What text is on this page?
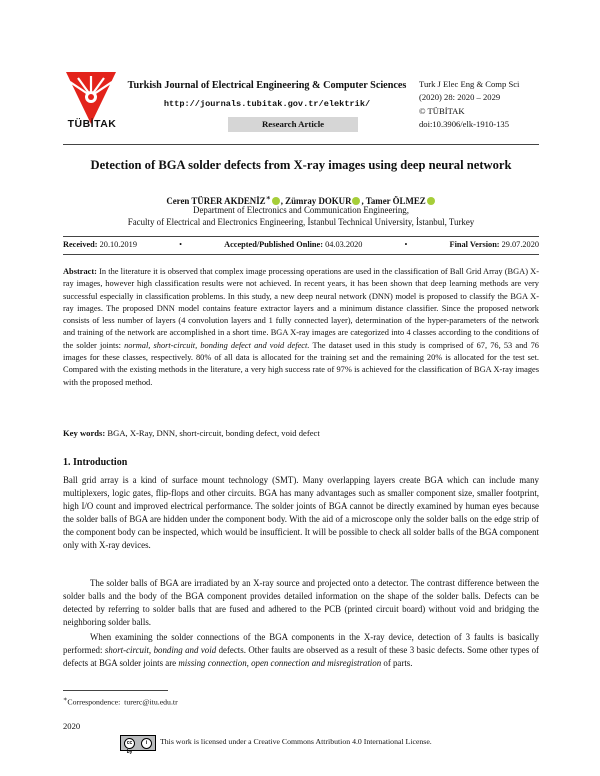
TÜBİTAK
Turkish Journal of Electrical Engineering & Computer Sciences
http://journals.tubitak.gov.tr/elektrik/
Research Article
Turk J Elec Eng & Comp Sci
(2020) 28: 2020 – 2029
© TÜBİTAK
doi:10.3906/elk-1910-135
Detection of BGA solder defects from X-ray images using deep neural network
Ceren TÜRER AKDENİZ∗ , Zümray DOKUR , Tamer ÖLMEZ
Department of Electronics and Communication Engineering,
Faculty of Electrical and Electronics Engineering, İstanbul Technical University, İstanbul, Turkey
Received: 20.10.2019	•	Accepted/Published Online: 04.03.2020	•	Final Version: 29.07.2020
Abstract: In the literature it is observed that complex image processing operations are used in the classification of Ball Grid Array (BGA) X-ray images, however high classification results were not achieved. In recent years, it has been shown that deep learning methods are very successful especially in classification problems. In this study, a new deep neural network (DNN) model is proposed to classify the BGA X-ray images. The proposed DNN model contains feature extractor layers and a minimum distance classifier. Since the proposed network consists of less number of layers (4 convolution layers and 1 fully connected layer), determination of the hyper-parameters of the network and training of the network are accomplished in a short time. BGA X-ray images are categorized into 4 classes according to the conditions of the solder joints: normal, short-circuit, bonding defect and void defect. The dataset used in this study is comprised of 67, 76, 53 and 76 images for these classes, respectively. 80% of all data is allocated for the training set and the remaining 20% is allocated for the test set. Compared with the existing methods in the literature, a very high success rate of 97% is achieved for the classification of BGA X-ray images with the proposed method.
Key words: BGA, X-Ray, DNN, short-circuit, bonding defect, void defect
1. Introduction
Ball grid array is a kind of surface mount technology (SMT). Many overlapping layers create BGA which can include many multiplexers, logic gates, flip-flops and other circuits. BGA has many advantages such as smaller component size, smaller footprint, high I/O count and improved electrical performance. The solder joints of BGA cannot be directly examined by human eyes because the solder balls of BGA are hidden under the component body. With the aid of a microscope only the solder balls on the edge strip of the component body can be inspected, which would be insufficient. It will be possible to check all solder balls of the BGA component only with X-ray devices.
The solder balls of BGA are irradiated by an X-ray source and projected onto a detector. The contrast difference between the solder balls and the body of the BGA component provides detailed information on the shape of the solder balls. Defects can be detected by referring to solder balls that are fused and adhered to the PCB (printed circuit board) without void and bridging the neighboring solder balls.
When examining the solder connections of the BGA components in the X-ray device, detection of 3 faults is basically performed: short-circuit, bonding and void defects. Other faults are observed as a result of these 3 basic defects. Some other types of defects at BGA solder joints are missing connection, open connection and misregistration of parts.
∗Correspondence: turerc@itu.edu.tr
2020
cc by
i	This work is licensed under a Creative Commons Attribution 4.0 International License.
